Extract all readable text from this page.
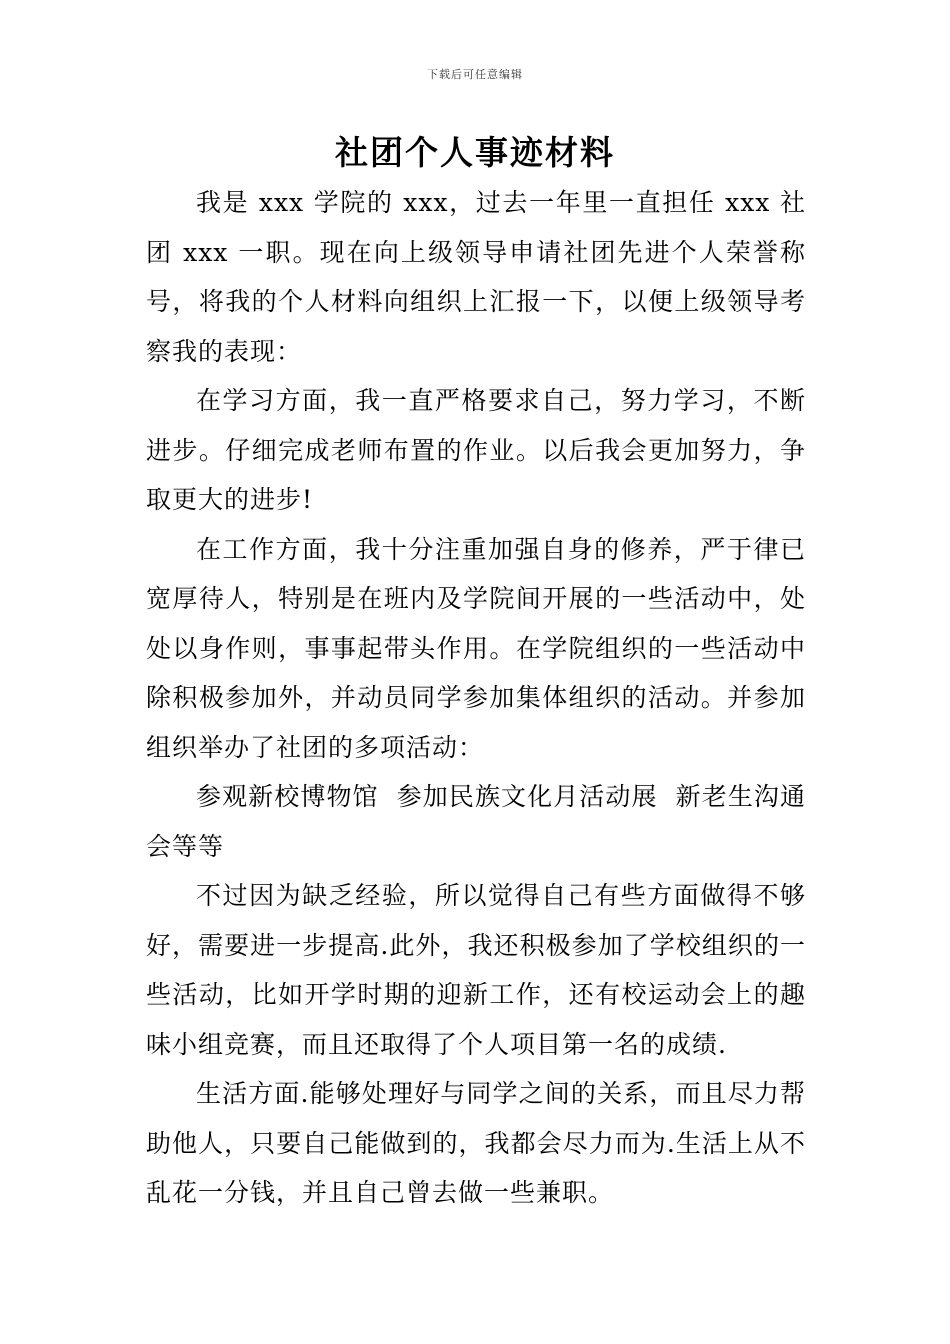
下载后可任意编辑
社团个人事迹材料

我是 xxx 学院的 xxx，过去一年里一直担任 xxx 社团 xxx 一职。现在向上级领导申请社团先进个人荣誉称号，将我的个人材料向组织上汇报一下，以便上级领导考察我的表现：

在学习方面，我一直严格要求自己，努力学习，不断进步。仔细完成老师布置的作业。以后我会更加努力，争取更大的进步!

在工作方面，我十分注重加强自身的修养，严于律已宽厚待人，特别是在班内及学院间开展的一些活动中，处处以身作则，事事起带头作用。在学院组织的一些活动中除积极参加外，并动员同学参加集体组织的活动。并参加组织举办了社团的多项活动：

参观新校博物馆  参加民族文化月活动展  新老生沟通会等等

不过因为缺乏经验，所以觉得自己有些方面做得不够好，需要进一步提高.此外，我还积极参加了学校组织的一些活动，比如开学时期的迎新工作，还有校运动会上的趣味小组竞赛，而且还取得了个人项目第一名的成绩.

生活方面.能够处理好与同学之间的关系，而且尽力帮助他人，只要自己能做到的，我都会尽力而为.生活上从不乱花一分钱，并且自己曾去做一些兼职。
